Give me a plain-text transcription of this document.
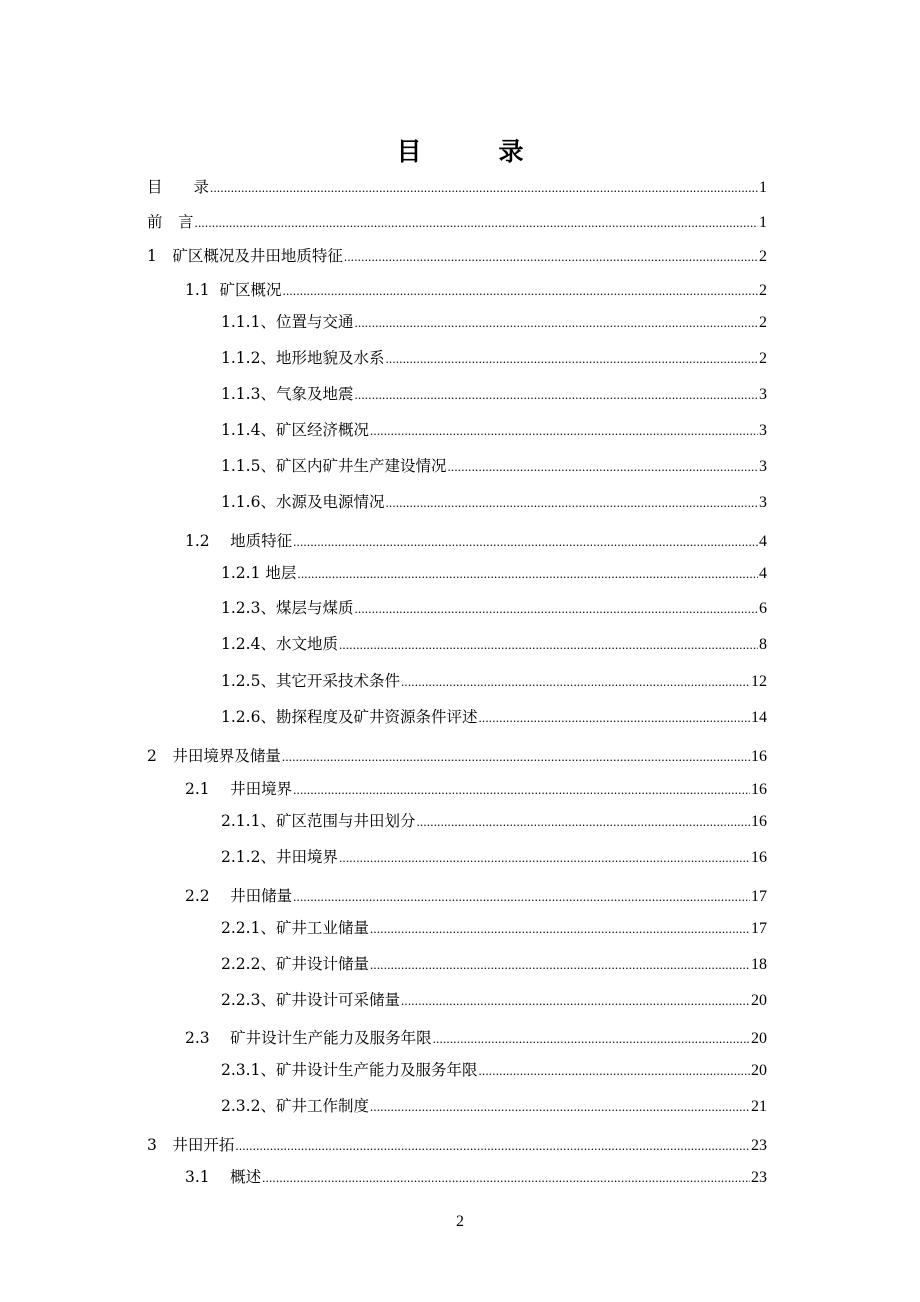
目　录
目　　录 .....	1
前　言 .....	1
1　矿区概况及井田地质特征 .....	2
1.1  矿区概况 .....	2
1.1.1、位置与交通 .....	2
1.1.2、地形地貌及水系 .....	2
1.1.3、气象及地震 .....	3
1.1.4、矿区经济概况 .....	3
1.1.5、矿区内矿井生产建设情况 .....	3
1.1.6、水源及电源情况 .....	3
1.2　 地质特征 .....	4
1.2.1 地层 .....	4
1.2.3、煤层与煤质 .....	6
1.2.4、水文地质 .....	8
1.2.5、其它开采技术条件 .....	12
1.2.6、勘探程度及矿井资源条件评述 .....	14
2　井田境界及储量 .....	16
2.1　 井田境界 .....	16
2.1.1、矿区范围与井田划分 .....	16
2.1.2、井田境界 .....	16
2.2　 井田储量 .....	17
2.2.1、矿井工业储量 .....	17
2.2.2、矿井设计储量 .....	18
2.2.3、矿井设计可采储量 .....	20
2.3　 矿井设计生产能力及服务年限 .....	20
2.3.1、矿井设计生产能力及服务年限 .....	20
2.3.2、矿井工作制度 .....	21
3　井田开拓 .....	23
3.1　 概述 .....	23
2
